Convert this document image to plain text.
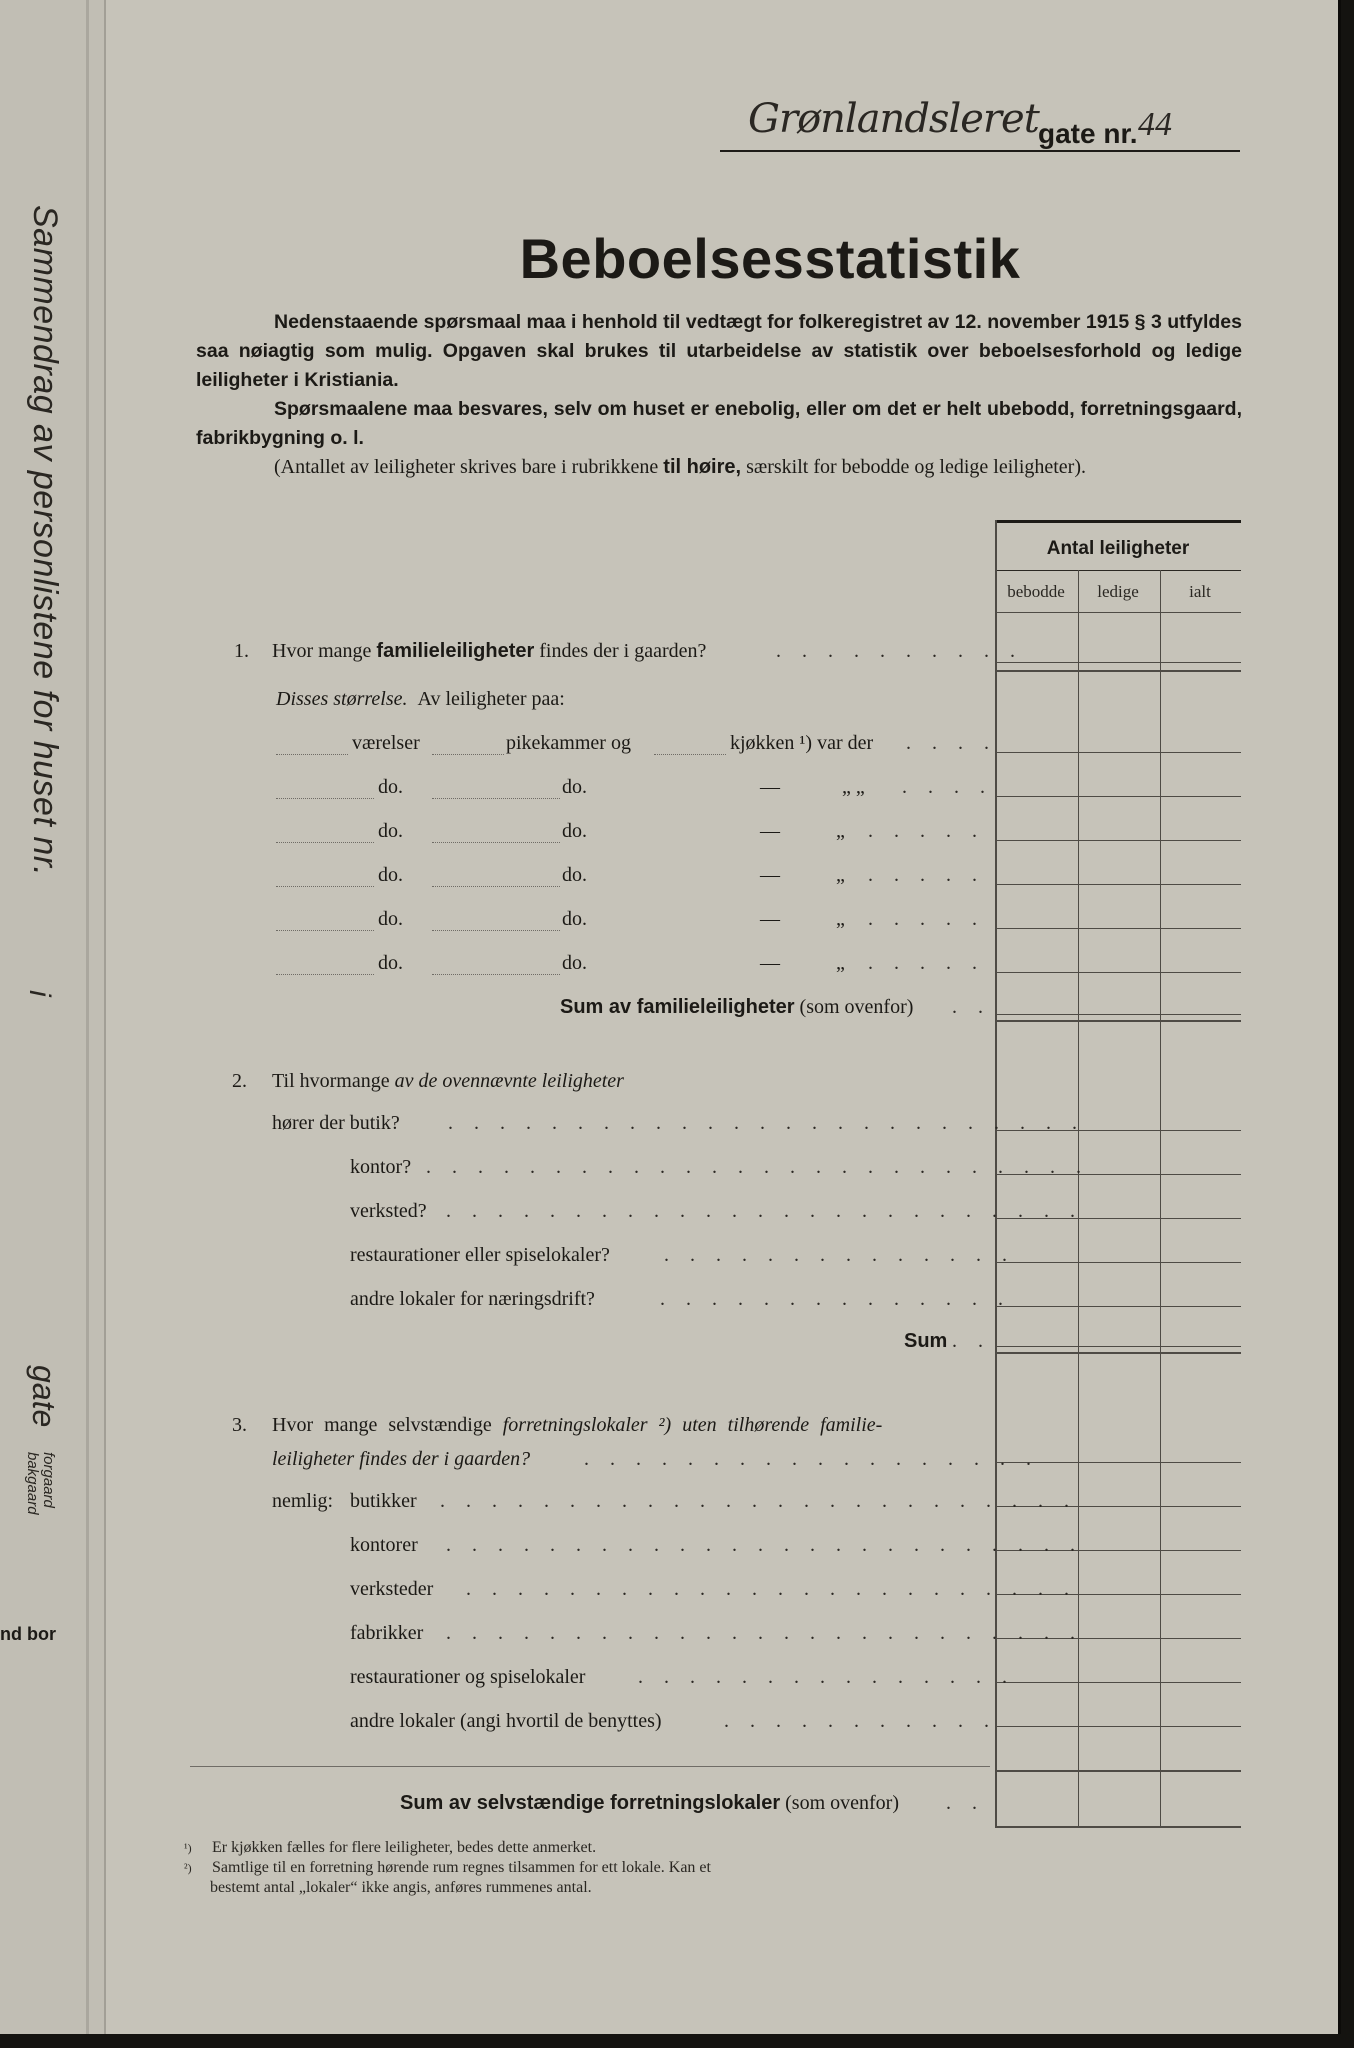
Sammendrag av personlistene for huset nr.
i
gate
forgaard
bakgaard
nd bor
Grønlandsleret gate nr. 44
Beboelsesstatistik

Nedenstaaende spørsmaal maa i henhold til vedtægt for folkeregistret av 12. november 1915 § 3 utfyldes saa nøiagtig som mulig. Opgaven skal brukes til utarbeidelse av statistik over beboelsesforhold og ledige leiligheter i Kristiania.

Spørsmaalene maa besvares, selv om huset er enebolig, eller om det er helt ubebodd, forretningsgaard, fabrikbygning o. l.

(Antallet av leiligheter skrives bare i rubrikkene til høire, særskilt for bebodde og ledige leiligheter).

Antal leiligheter
bebodde	ledige	ialt
1. Hvor mange familieleiligheter findes der i gaarden?	. . . . . . . . . .
Disses størrelse. Av leiligheter paa:
værelser	pikekammer og	kjøkken ¹) var der . . . .
do.	do.	—	„ „ . . . .
do.	do.	—	„ . . . . .
do.	do.	—	„ . . . . .
do.	do.	—	„ . . . . .
do.	do.	—	„ . . . . .
Sum av familieleiligheter (som ovenfor) . .
2. Til hvormange av de ovennævnte leiligheter
hører der butik? . . . . . . . . . . . . . . . . . . . . . . . . .
kontor? . . . . . . . . . . . . . . . . . . . . . . . . . .
verksted? . . . . . . . . . . . . . . . . . . . . . . . . .
restaurationer eller spiselokaler?	. . . . . . . . . . . . . .
andre lokaler for næringsdrift?	. . . . . . . . . . . . . .
Sum . .
3. Hvor mange selvstændige forretningslokaler ²) uten tilhørende familie-
leiligheter findes der i gaarden?	. . . . . . . . . . . . . . . . . .
nemlig: butikker . . . . . . . . . . . . . . . . . . . . . . . . .
kontorer . . . . . . . . . . . . . . . . . . . . . . . . .
verksteder . . . . . . . . . . . . . . . . . . . . . . . .
fabrikker . . . . . . . . . . . . . . . . . . . . . . . . .
restaurationer og spiselokaler	. . . . . . . . . . . . . . .
andre lokaler (angi hvortil de benyttes)	. . . . . . . . . . .
Sum av selvstændige forretningslokaler (som ovenfor) . .
¹) Er kjøkken fælles for flere leiligheter, bedes dette anmerket.
²) Samtlige til en forretning hørende rum regnes tilsammen for ett lokale. Kan et
bestemt antal „lokaler“ ikke angis, anføres rummenes antal.
